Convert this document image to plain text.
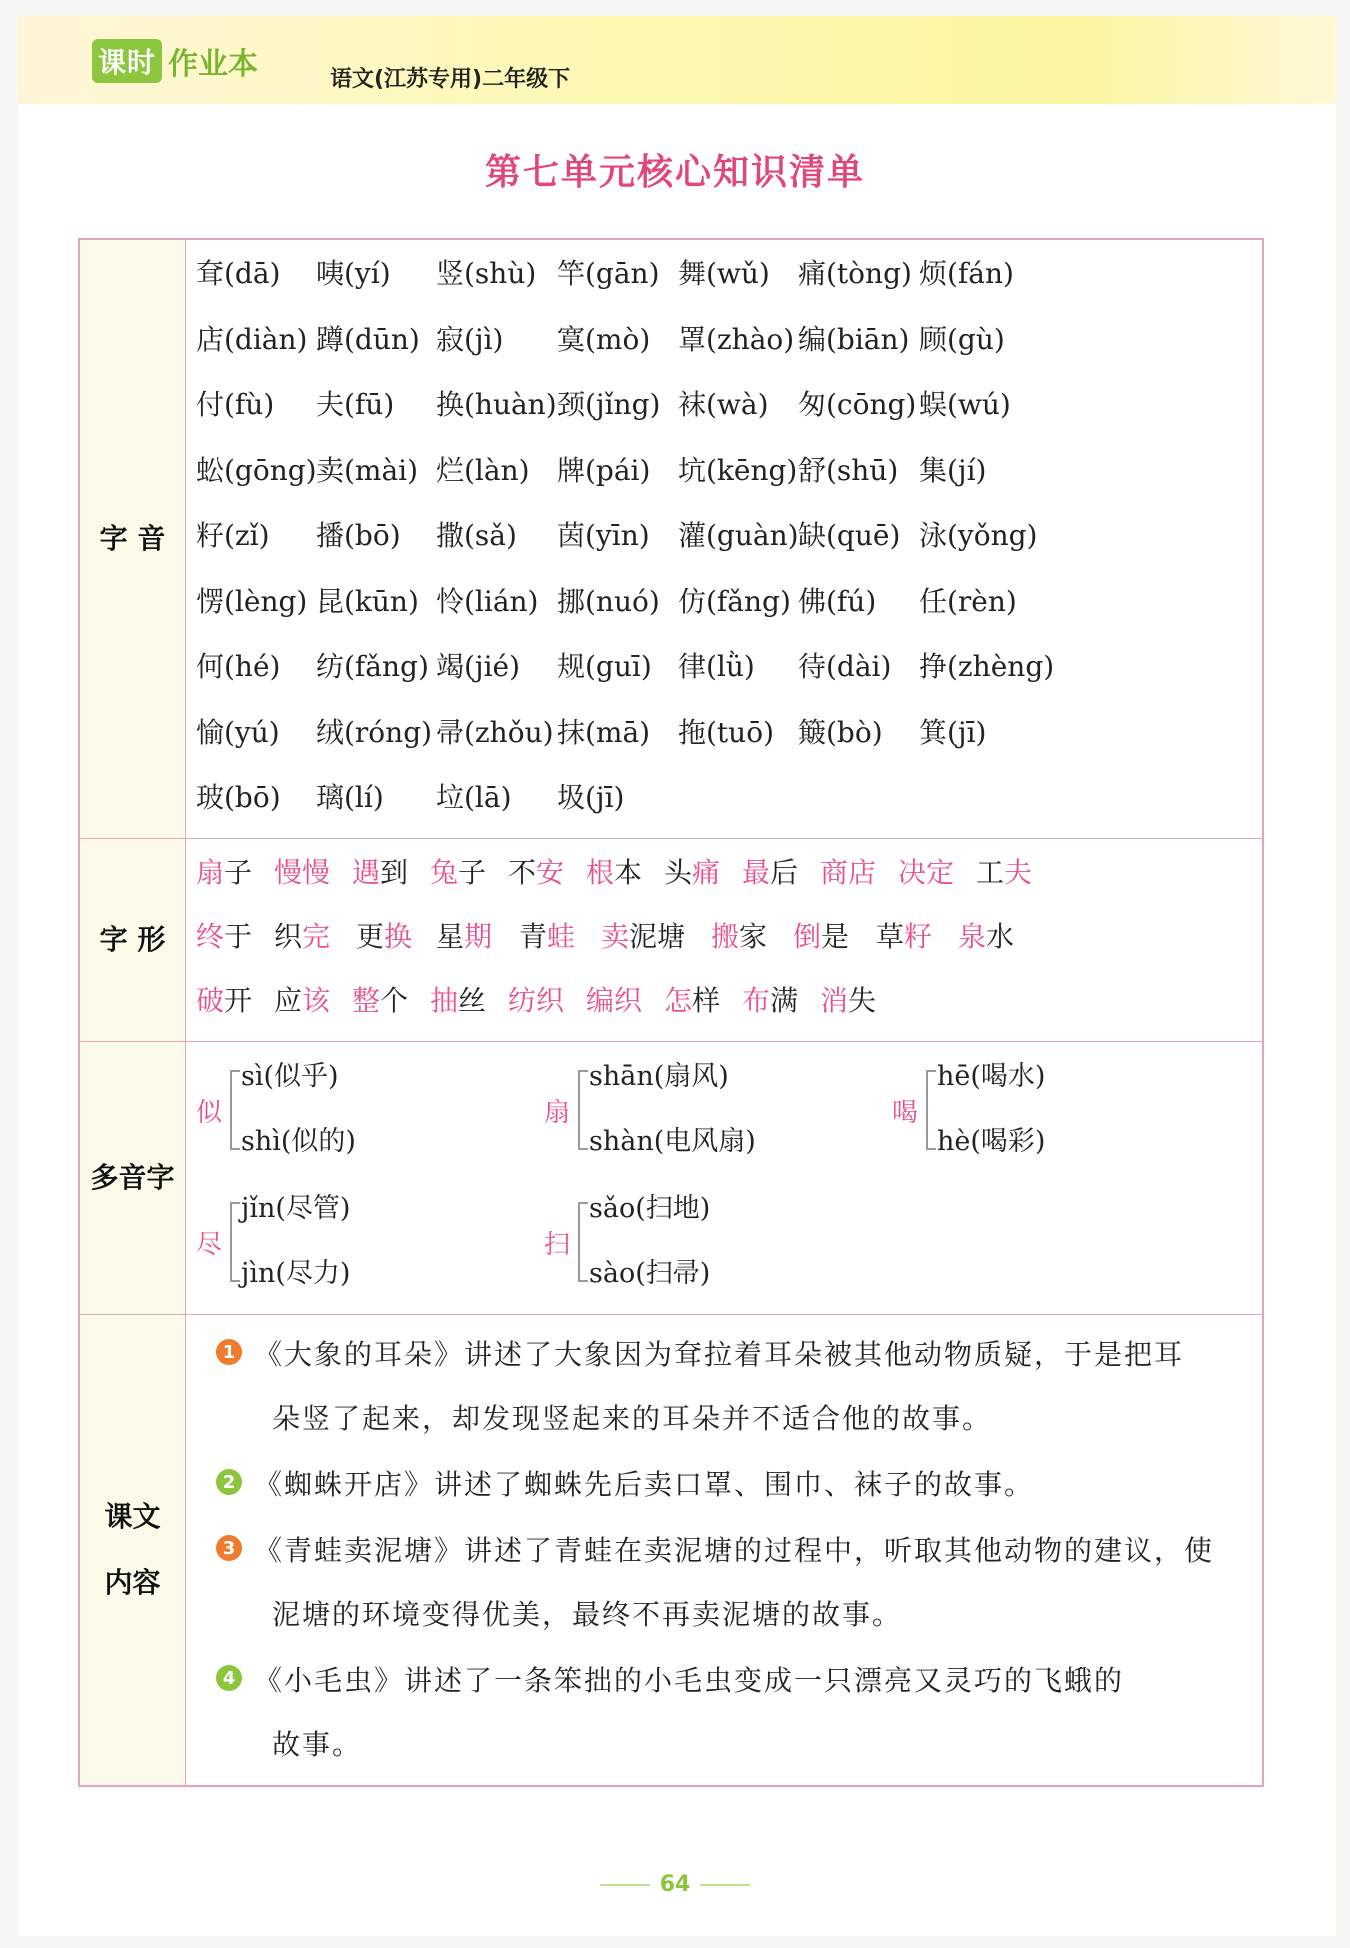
课时 作业本	语文(江苏专用)二年级下
第七单元核心知识清单
字 音
耷(dā) 咦(yí) 竖(shù) 竿(gān) 舞(wǔ) 痛(tòng) 烦(fán)
店(diàn) 蹲(dūn) 寂(jì) 寞(mò) 罩(zhào) 编(biān) 顾(gù)
付(fù) 夫(fū) 换(huàn) 颈(jǐng) 袜(wà) 匆(cōng) 蜈(wú)
蚣(gōng) 卖(mài) 烂(làn) 牌(pái) 坑(kēng) 舒(shū) 集(jí)
籽(zǐ) 播(bō) 撒(sǎ) 茵(yīn) 灌(guàn) 缺(quē) 泳(yǒng)
愣(lèng) 昆(kūn) 怜(lián) 挪(nuó) 仿(fǎng) 佛(fú) 任(rèn)
何(hé) 纺(fǎng) 竭(jié) 规(guī) 律(lǜ) 待(dài) 挣(zhèng)
愉(yú) 绒(róng) 帚(zhǒu) 抹(mā) 拖(tuō) 簸(bò) 箕(jī)
玻(bō) 璃(lí) 垃(lā) 圾(jī)
字 形
扇子 慢慢 遇到 兔子 不安 根本 头痛 最后 商店 决定 工夫
终于 织完 更换 星期 青蛙 卖泥塘 搬家 倒是 草籽 泉水
破开 应该 整个 抽丝 纺织 编织 怎样 布满 消失
多音字
似
sì(似乎)
shì(似的)
扇
shān(扇风)
shàn(电风扇)
喝
hē(喝水)
hè(喝彩)
尽
jǐn(尽管)
jìn(尽力)
扫
sǎo(扫地)
sào(扫帚)
课文
内容
1 《大象的耳朵》讲述了大象因为耷拉着耳朵被其他动物质疑，于是把耳
朵竖了起来，却发现竖起来的耳朵并不适合他的故事。
2 《蜘蛛开店》讲述了蜘蛛先后卖口罩、围巾、袜子的故事。
3 《青蛙卖泥塘》讲述了青蛙在卖泥塘的过程中，听取其他动物的建议，使
泥塘的环境变得优美，最终不再卖泥塘的故事。
4 《小毛虫》讲述了一条笨拙的小毛虫变成一只漂亮又灵巧的飞蛾的
故事。
64
